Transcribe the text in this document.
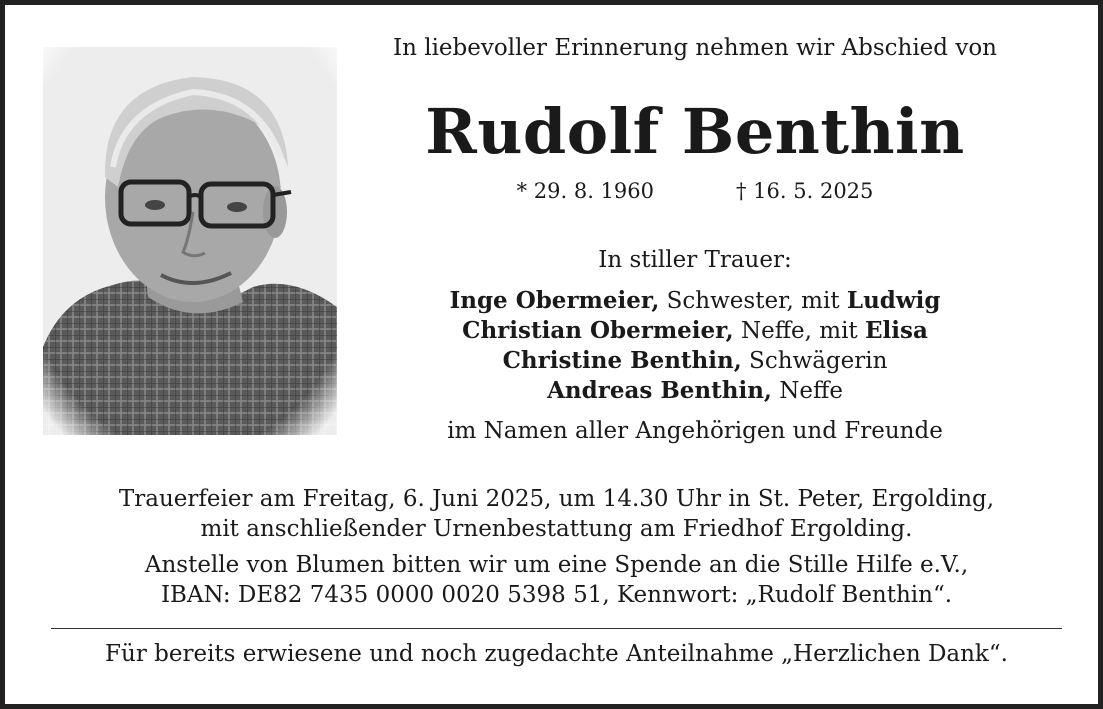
In liebevoller Erinnerung nehmen wir Abschied von
Rudolf Benthin
* 29. 8. 1960	† 16. 5. 2025
In stiller Trauer:
Inge Obermeier, Schwester, mit Ludwig
Christian Obermeier, Neffe, mit Elisa
Christine Benthin, Schwägerin
Andreas Benthin, Neffe
im Namen aller Angehörigen und Freunde
Trauerfeier am Freitag, 6. Juni 2025, um 14.30 Uhr in St. Peter, Ergolding,
mit anschließender Urnenbestattung am Friedhof Ergolding.
Anstelle von Blumen bitten wir um eine Spende an die Stille Hilfe e.V.,
IBAN: DE82 7435 0000 0020 5398 51, Kennwort: „Rudolf Benthin“.
Für bereits erwiesene und noch zugedachte Anteilnahme „Herzlichen Dank“.
